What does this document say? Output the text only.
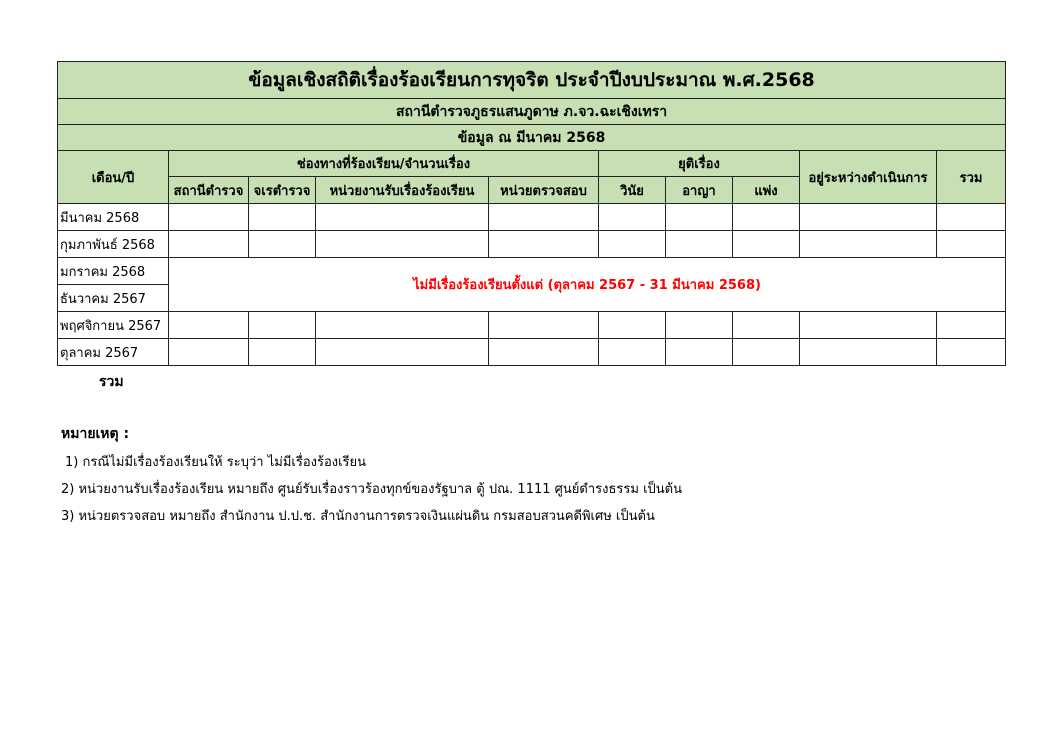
ข้อมูลเชิงสถิติเรื่องร้องเรียนการทุจริต ประจำปีงบประมาณ พ.ศ.2568									
สถานีตำรวจภูธรแสนภูดาษ ภ.จว.ฉะเชิงเทรา									
ข้อมูล ณ มีนาคม 2568									
เดือน/ปี	ช่องทางที่ร้องเรียน/จำนวนเรื่อง				ยุติเรื่อง			อยู่ระหว่างดำเนินการ	รวม
	สถานีตำรวจ	จเรตำรวจ	หน่วยงานรับเรื่องร้องเรียน	หน่วยตรวจสอบ	วินัย	อาญา	แพ่ง		
มีนาคม 2568									
กุมภาพันธ์ 2568									
มกราคม 2568	ไม่มีเรื่องร้องเรียนตั้งแต่ (ตุลาคม 2567 - 31 มีนาคม 2568)								
ธันวาคม 2567									
พฤศจิกายน 2567									
ตุลาคม 2567									
รวม
หมายเหตุ :
1) กรณีไม่มีเรื่องร้องเรียนให้ ระบุว่า ไม่มีเรื่องร้องเรียน
2) หน่วยงานรับเรื่องร้องเรียน หมายถึง ศูนย์รับเรื่องราวร้องทุกข์ของรัฐบาล ตู้ ปณ. 1111 ศูนย์ดำรงธรรม เป็นต้น
3) หน่วยตรวจสอบ หมายถึง สำนักงาน ป.ป.ช. สำนักงานการตรวจเงินแผ่นดิน กรมสอบสวนคดีพิเศษ เป็นต้น
